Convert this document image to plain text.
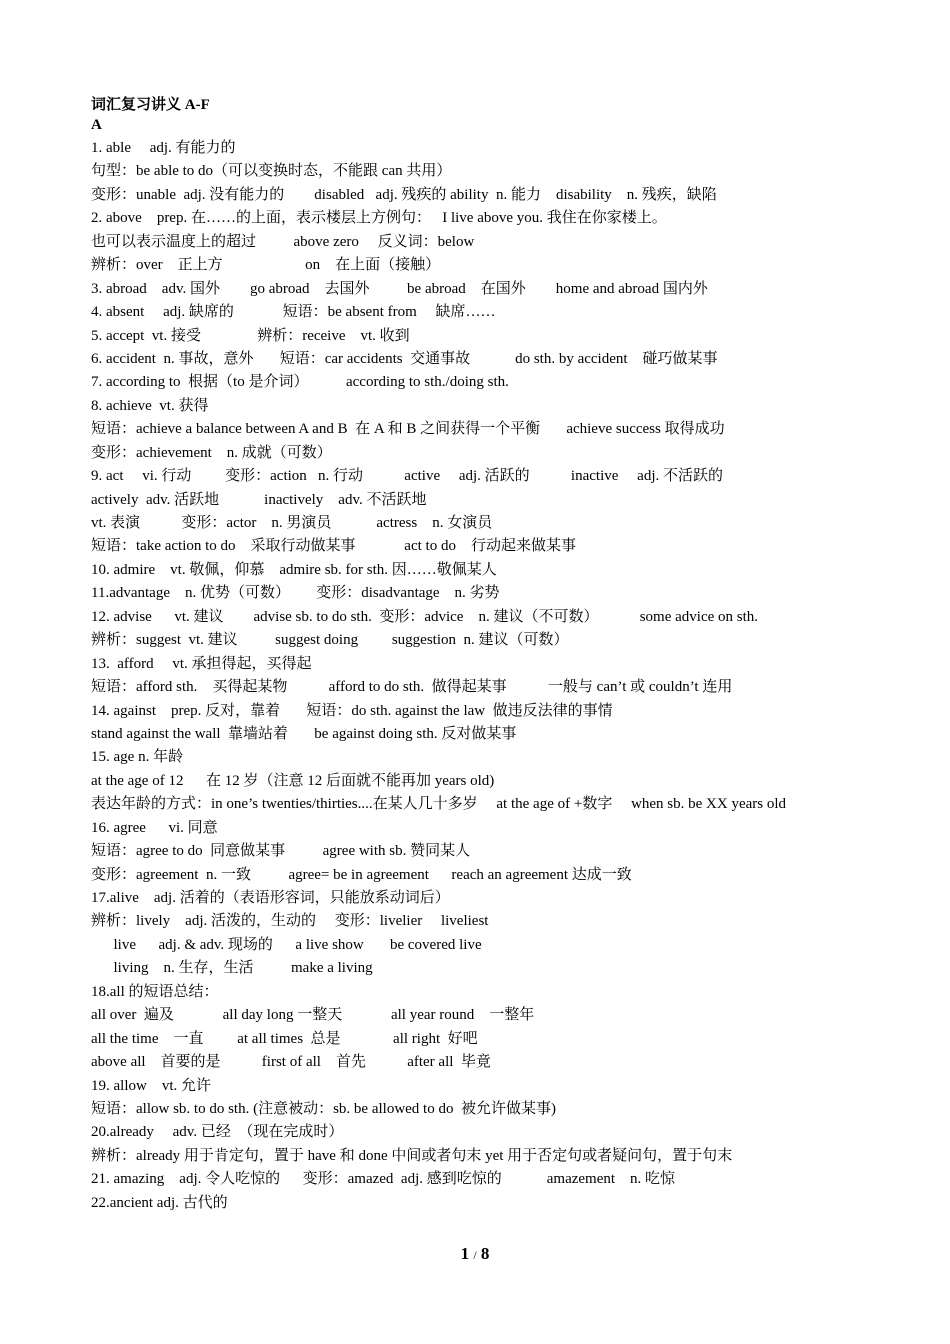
词汇复习讲义 A-F
A
1. able     adj. 有能力的
句型：be able to do（可以变换时态，不能跟 can 共用）
变形：unable  adj. 没有能力的        disabled   adj. 残疾的 ability  n. 能力    disability    n. 残疾，缺陷
2. above    prep. 在……的上面，表示楼层上方例句：   I live above you. 我住在你家楼上。
也可以表示温度上的超过          above zero     反义词：below
辨析：over    正上方                      on    在上面（接触）
3. abroad    adv. 国外        go abroad    去国外          be abroad    在国外        home and abroad 国内外
4. absent     adj. 缺席的             短语：be absent from     缺席……
5. accept  vt. 接受               辨析：receive    vt. 收到
6. accident  n. 事故，意外       短语：car accidents  交通事故            do sth. by accident    碰巧做某事
7. according to  根据（to 是介词）          according to sth./doing sth.
8. achieve  vt. 获得
短语：achieve a balance between A and B  在 A 和 B 之间获得一个平衡       achieve success 取得成功
变形：achievement    n. 成就（可数）
9. act     vi. 行动         变形：action   n. 行动           active     adj. 活跃的           inactive     adj. 不活跃的
actively  adv. 活跃地            inactively    adv. 不活跃地
vt. 表演           变形：actor    n. 男演员            actress    n. 女演员
短语：take action to do    采取行动做某事             act to do    行动起来做某事
10. admire    vt. 敬佩，仰慕    admire sb. for sth. 因……敬佩某人
11.advantage    n. 优势（可数）       变形：disadvantage    n. 劣势
12. advise      vt. 建议        advise sb. to do sth.  变形：advice    n. 建议（不可数）           some advice on sth.
辨析：suggest  vt. 建议          suggest doing         suggestion  n. 建议（可数）
13.  afford     vt. 承担得起，买得起
短语：afford sth.    买得起某物           afford to do sth.  做得起某事           一般与 can’t 或 couldn’t 连用
14. against    prep. 反对，靠着       短语：do sth. against the law  做违反法律的事情
stand against the wall  靠墙站着       be against doing sth. 反对做某事
15. age n. 年龄
at the age of 12      在 12 岁（注意 12 后面就不能再加 years old)
表达年龄的方式：in one’s twenties/thirties....在某人几十多岁     at the age of +数字     when sb. be XX years old
16. agree      vi. 同意
短语：agree to do  同意做某事          agree with sb. 赞同某人
变形：agreement  n. 一致          agree= be in agreement      reach an agreement 达成一致
17.alive    adj. 活着的（表语形容词，只能放系动词后）
辨析：lively    adj. 活泼的，生动的     变形：livelier     liveliest
live      adj. & adv. 现场的      a live show       be covered live
living    n. 生存，生活          make a living
18.all 的短语总结：
all over  遍及             all day long 一整天             all year round    一整年
all the time    一直         at all times  总是              all right  好吧
above all    首要的是           first of all    首先           after all  毕竟
19. allow    vt. 允许
短语：allow sb. to do sth. (注意被动：sb. be allowed to do  被允许做某事)
20.already     adv. 已经  （现在完成时）
辨析：already 用于肯定句，置于 have 和 done 中间或者句末 yet 用于否定句或者疑问句，置于句末
21. amazing    adj. 令人吃惊的      变形：amazed  adj. 感到吃惊的            amazement    n. 吃惊
22.ancient adj. 古代的
1 / 8
